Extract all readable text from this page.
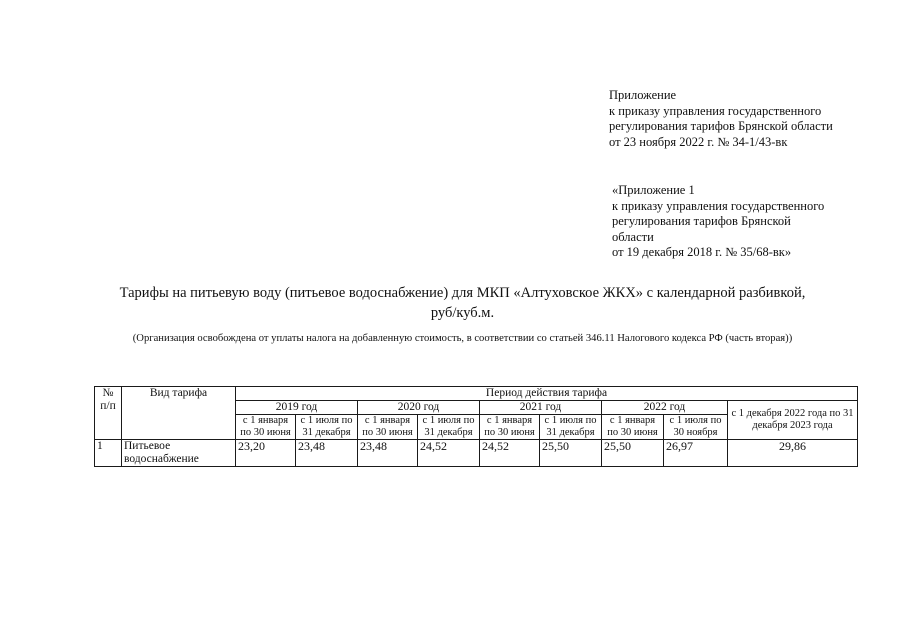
Приложение
к приказу управления государственного
регулирования тарифов Брянской области
от 23 ноября 2022 г. № 34-1/43-вк
«Приложение 1
к приказу управления государственного
регулирования тарифов Брянской
области
от 19 декабря 2018 г. № 35/68-вк»
Тарифы на питьевую воду (питьевое водоснабжение) для МКП «Алтуховское ЖКХ» с календарной разбивкой,
руб/куб.м.
(Организация освобождена от уплаты налога на добавленную стоимость, в соответствии со статьей 346.11 Налогового кодекса РФ (часть вторая))
№ п/п	Вид тарифа	Период действия тарифа								
		2019 год		2020 год		2021 год		2022 год		с 1 декабря 2022 года по 31 декабря 2023 года
		с 1 января по 30 июня	с 1 июля по 31 декабря	с 1 января по 30 июня	с 1 июля по 31 декабря	с 1 января по 30 июня	с 1 июля по 31 декабря	с 1 января по 30 июня	с 1 июля по 30 ноября	
1	Питьевое водоснабжение	23,20	23,48	23,48	24,52	24,52	25,50	25,50	26,97	29,86
